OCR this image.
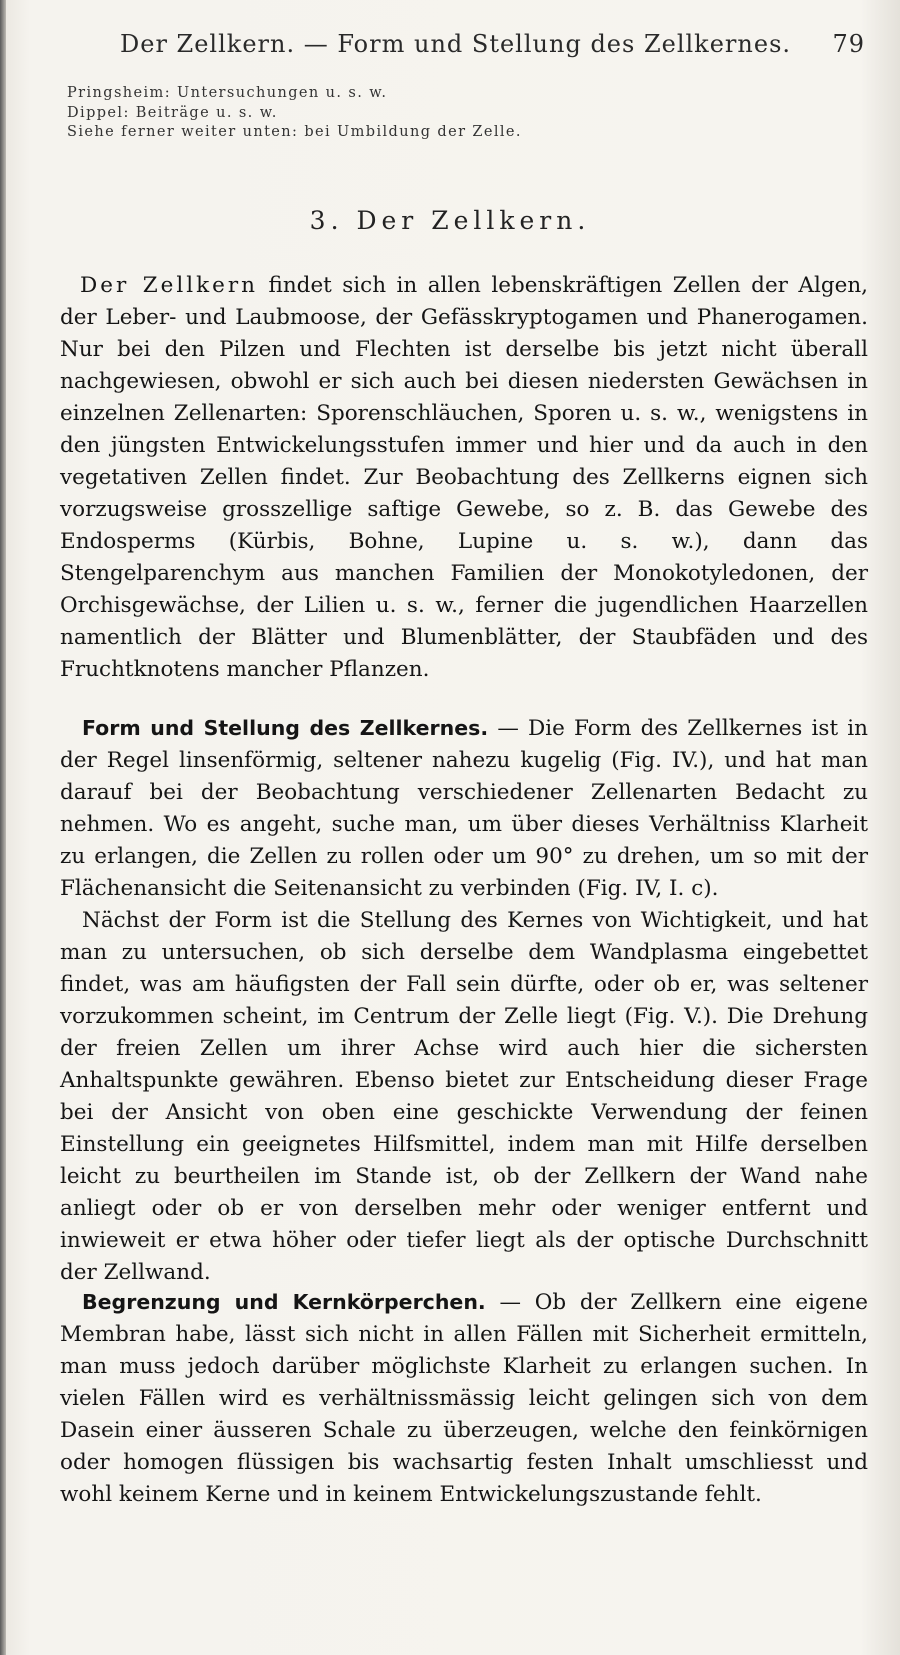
Der Zellkern. — Form und Stellung des Zellkernes. 79
Pringsheim: Untersuchungen u. s. w.
Dippel: Beiträge u. s. w.
Siehe ferner weiter unten: bei Umbildung der Zelle.
3. Der Zellkern.

Der Zellkern findet sich in allen lebenskräftigen Zellen der Algen, der Leber- und Laubmoose, der Gefässkryptogamen und Phanerogamen. Nur bei den Pilzen und Flechten ist derselbe bis jetzt nicht überall nachgewiesen, obwohl er sich auch bei diesen niedersten Gewächsen in einzelnen Zellenarten: Sporenschläuchen, Sporen u. s. w., wenigstens in den jüngsten Entwickelungsstufen immer und hier und da auch in den vegetativen Zellen findet. Zur Beobachtung des Zellkerns eignen sich vorzugsweise grosszellige saftige Gewebe, so z. B. das Gewebe des Endosperms (Kürbis, Bohne, Lupine u. s. w.), dann das Stengelparenchym aus manchen Familien der Monokotyledonen, der Orchisgewächse, der Lilien u. s. w., ferner die jugendlichen Haarzellen namentlich der Blätter und Blumenblätter, der Staubfäden und des Fruchtknotens mancher Pflanzen.

Form und Stellung des Zellkernes. — Die Form des Zellkernes ist in der Regel linsenförmig, seltener nahezu kugelig (Fig. IV.), und hat man darauf bei der Beobachtung verschiedener Zellenarten Bedacht zu nehmen. Wo es angeht, suche man, um über dieses Verhältniss Klarheit zu erlangen, die Zellen zu rollen oder um 90° zu drehen, um so mit der Flächenansicht die Seitenansicht zu verbinden (Fig. IV, I. c).

Nächst der Form ist die Stellung des Kernes von Wichtigkeit, und hat man zu untersuchen, ob sich derselbe dem Wandplasma eingebettet findet, was am häufigsten der Fall sein dürfte, oder ob er, was seltener vorzukommen scheint, im Centrum der Zelle liegt (Fig. V.). Die Drehung der freien Zellen um ihrer Achse wird auch hier die sichersten Anhaltspunkte gewähren. Ebenso bietet zur Entscheidung dieser Frage bei der Ansicht von oben eine geschickte Verwendung der feinen Einstellung ein geeignetes Hilfsmittel, indem man mit Hilfe derselben leicht zu beurtheilen im Stande ist, ob der Zellkern der Wand nahe anliegt oder ob er von derselben mehr oder weniger entfernt und inwieweit er etwa höher oder tiefer liegt als der optische Durchschnitt der Zellwand.

Begrenzung und Kernkörperchen. — Ob der Zellkern eine eigene Membran habe, lässt sich nicht in allen Fällen mit Sicherheit ermitteln, man muss jedoch darüber möglichste Klarheit zu erlangen suchen. In vielen Fällen wird es verhältnissmässig leicht gelingen sich von dem Dasein einer äusseren Schale zu überzeugen, welche den feinkörnigen oder homogen flüssigen bis wachsartig festen Inhalt umschliesst und wohl keinem Kerne und in keinem Entwickelungszustande fehlt.
